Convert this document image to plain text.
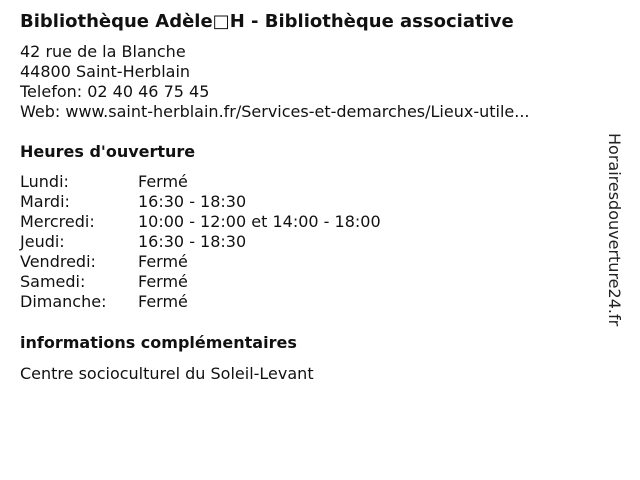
Bibliothèque Adèle□H - Bibliothèque associative
42 rue de la Blanche
44800 Saint-Herblain
Telefon: 02 40 46 75 45
Web: www.saint-herblain.fr/Services-et-demarches/Lieux-utile...
Heures d'ouverture
Lundi:	Fermé
Mardi:	16:30 - 18:30
Mercredi:	10:00 - 12:00 et 14:00 - 18:00
Jeudi:	16:30 - 18:30
Vendredi:	Fermé
Samedi:	Fermé
Dimanche:	Fermé
informations complémentaires
Centre socioculturel du Soleil-Levant
Horairesdouverture24.fr
